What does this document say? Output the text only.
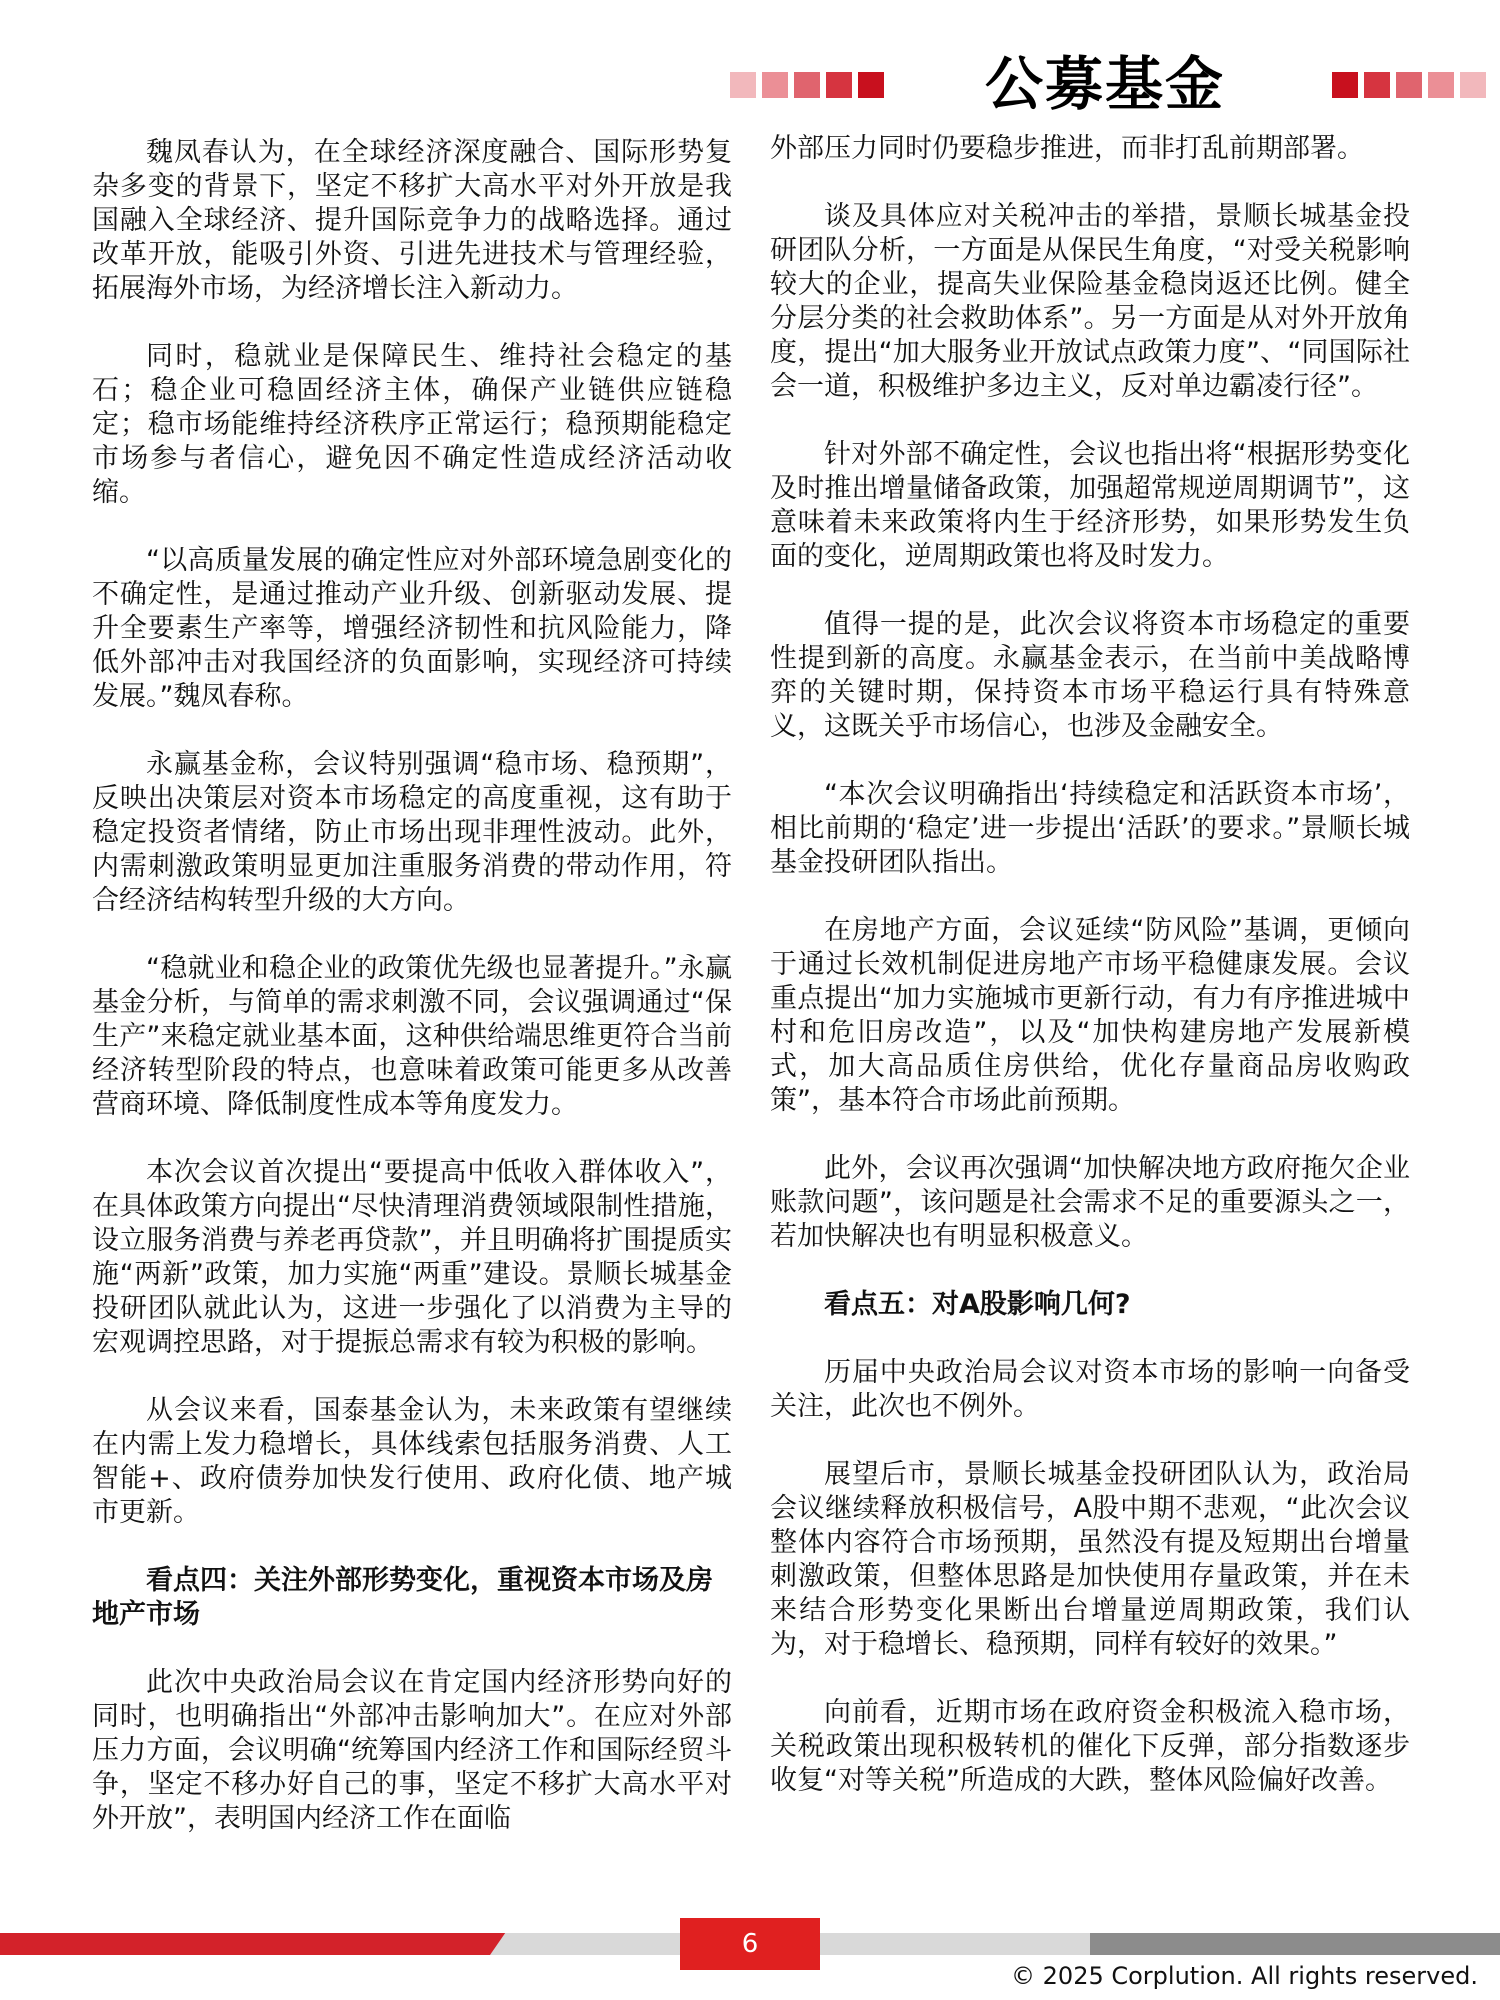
公募基金

魏凤春认为，在全球经济深度融合、国际形势复杂多变的背景下，坚定不移扩大高水平对外开放是我国融入全球经济、提升国际竞争力的战略选择。通过改革开放，能吸引外资、引进先进技术与管理经验，拓展海外市场，为经济增长注入新动力。

同时，稳就业是保障民生、维持社会稳定的基石；稳企业可稳固经济主体，确保产业链供应链稳定；稳市场能维持经济秩序正常运行；稳预期能稳定市场参与者信心，避免因不确定性造成经济活动收缩。

“以高质量发展的确定性应对外部环境急剧变化的不确定性，是通过推动产业升级、创新驱动发展、提升全要素生产率等，增强经济韧性和抗风险能力，降低外部冲击对我国经济的负面影响，实现经济可持续发展。”魏凤春称。

永赢基金称，会议特别强调“稳市场、稳预期”，反映出决策层对资本市场稳定的高度重视，这有助于稳定投资者情绪，防止市场出现非理性波动。此外，内需刺激政策明显更加注重服务消费的带动作用，符合经济结构转型升级的大方向。

“稳就业和稳企业的政策优先级也显著提升。”永赢基金分析，与简单的需求刺激不同，会议强调通过“保生产”来稳定就业基本面，这种供给端思维更符合当前经济转型阶段的特点，也意味着政策可能更多从改善营商环境、降低制度性成本等角度发力。

本次会议首次提出“要提高中低收入群体收入”，在具体政策方向提出“尽快清理消费领域限制性措施，设立服务消费与养老再贷款”，并且明确将扩围提质实施“两新”政策，加力实施“两重”建设。景顺长城基金投研团队就此认为，这进一步强化了以消费为主导的宏观调控思路，对于提振总需求有较为积极的影响。

从会议来看，国泰基金认为，未来政策有望继续在内需上发力稳增长，具体线索包括服务消费、人工智能+、政府债券加快发行使用、政府化债、地产城市更新。

看点四：关注外部形势变化，重视资本市场及房地产市场

此次中央政治局会议在肯定国内经济形势向好的同时，也明确指出“外部冲击影响加大”。在应对外部压力方面，会议明确“统筹国内经济工作和国际经贸斗争，坚定不移办好自己的事，坚定不移扩大高水平对外开放”，表明国内经济工作在面临

外部压力同时仍要稳步推进，而非打乱前期部署。

谈及具体应对关税冲击的举措，景顺长城基金投研团队分析，一方面是从保民生角度，“对受关税影响较大的企业，提高失业保险基金稳岗返还比例。健全分层分类的社会救助体系”。另一方面是从对外开放角度，提出“加大服务业开放试点政策力度”、“同国际社会一道，积极维护多边主义，反对单边霸凌行径”。

针对外部不确定性，会议也指出将“根据形势变化及时推出增量储备政策，加强超常规逆周期调节”，这意味着未来政策将内生于经济形势，如果形势发生负面的变化，逆周期政策也将及时发力。

值得一提的是，此次会议将资本市场稳定的重要性提到新的高度。永赢基金表示，在当前中美战略博弈的关键时期，保持资本市场平稳运行具有特殊意义，这既关乎市场信心，也涉及金融安全。

“本次会议明确指出‘持续稳定和活跃资本市场’，相比前期的‘稳定’进一步提出‘活跃’的要求。”景顺长城基金投研团队指出。

在房地产方面，会议延续“防风险”基调，更倾向于通过长效机制促进房地产市场平稳健康发展。会议重点提出“加力实施城市更新行动，有力有序推进城中村和危旧房改造”，以及“加快构建房地产发展新模式，加大高品质住房供给，优化存量商品房收购政策”，基本符合市场此前预期。

此外，会议再次强调“加快解决地方政府拖欠企业账款问题”，该问题是社会需求不足的重要源头之一，若加快解决也有明显积极意义。

看点五：对A股影响几何?

历届中央政治局会议对资本市场的影响一向备受关注，此次也不例外。

展望后市，景顺长城基金投研团队认为，政治局会议继续释放积极信号，A股中期不悲观，“此次会议整体内容符合市场预期，虽然没有提及短期出台增量刺激政策，但整体思路是加快使用存量政策，并在未来结合形势变化果断出台增量逆周期政策，我们认为，对于稳增长、稳预期，同样有较好的效果。”

向前看，近期市场在政府资金积极流入稳市场，关税政策出现积极转机的催化下反弹，部分指数逐步收复“对等关税”所造成的大跌，整体风险偏好改善。

6
© 2025 Corplution. All rights reserved.
